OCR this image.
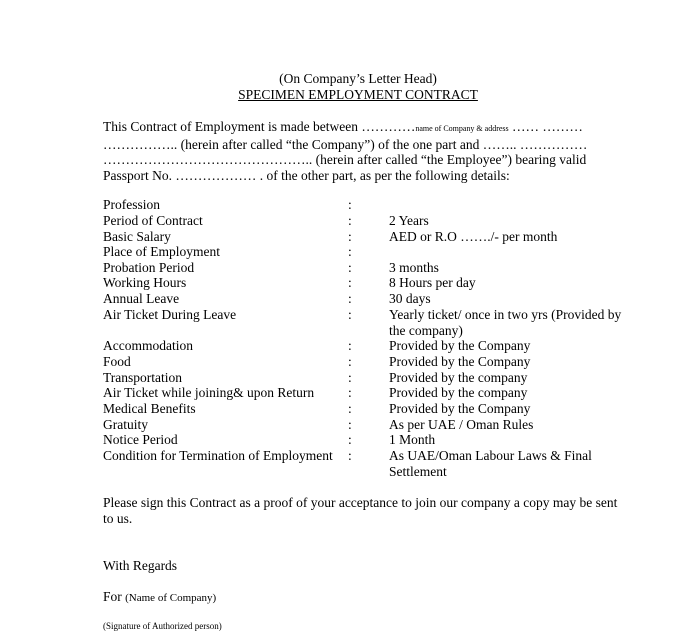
(On Company’s Letter Head)
SPECIMEN EMPLOYMENT CONTRACT
This Contract of Employment is made between …………name of Company & address …… ……… …………….. (herein after called “the Company”) of the one part and …….. …………… ……………………………………….. (herein after called “the Employee”) bearing valid Passport No. ……………… . of the other part, as per the following details:
Profession	:
Period of Contract	:	2 Years
Basic Salary	:	AED or R.O ……./- per month
Place of Employment	:
Probation Period	:	3 months
Working Hours	:	8 Hours per day
Annual Leave	:	30 days
Air Ticket During Leave	:	Yearly ticket/ once in two yrs (Provided by the company)
Accommodation	:	Provided by the Company
Food	:	Provided by the Company
Transportation	:	Provided by the company
Air Ticket while joining& upon Return	:	Provided by the company
Medical Benefits	:	Provided by the Company
Gratuity	:	As per UAE / Oman Rules
Notice Period	:	1 Month
Condition for Termination of Employment :	As UAE/Oman Labour Laws & Final Settlement
Please sign this Contract as a proof of your acceptance to join our company a copy may be sent to us.
With Regards
For (Name of Company)
(Signature of Authorized person)
